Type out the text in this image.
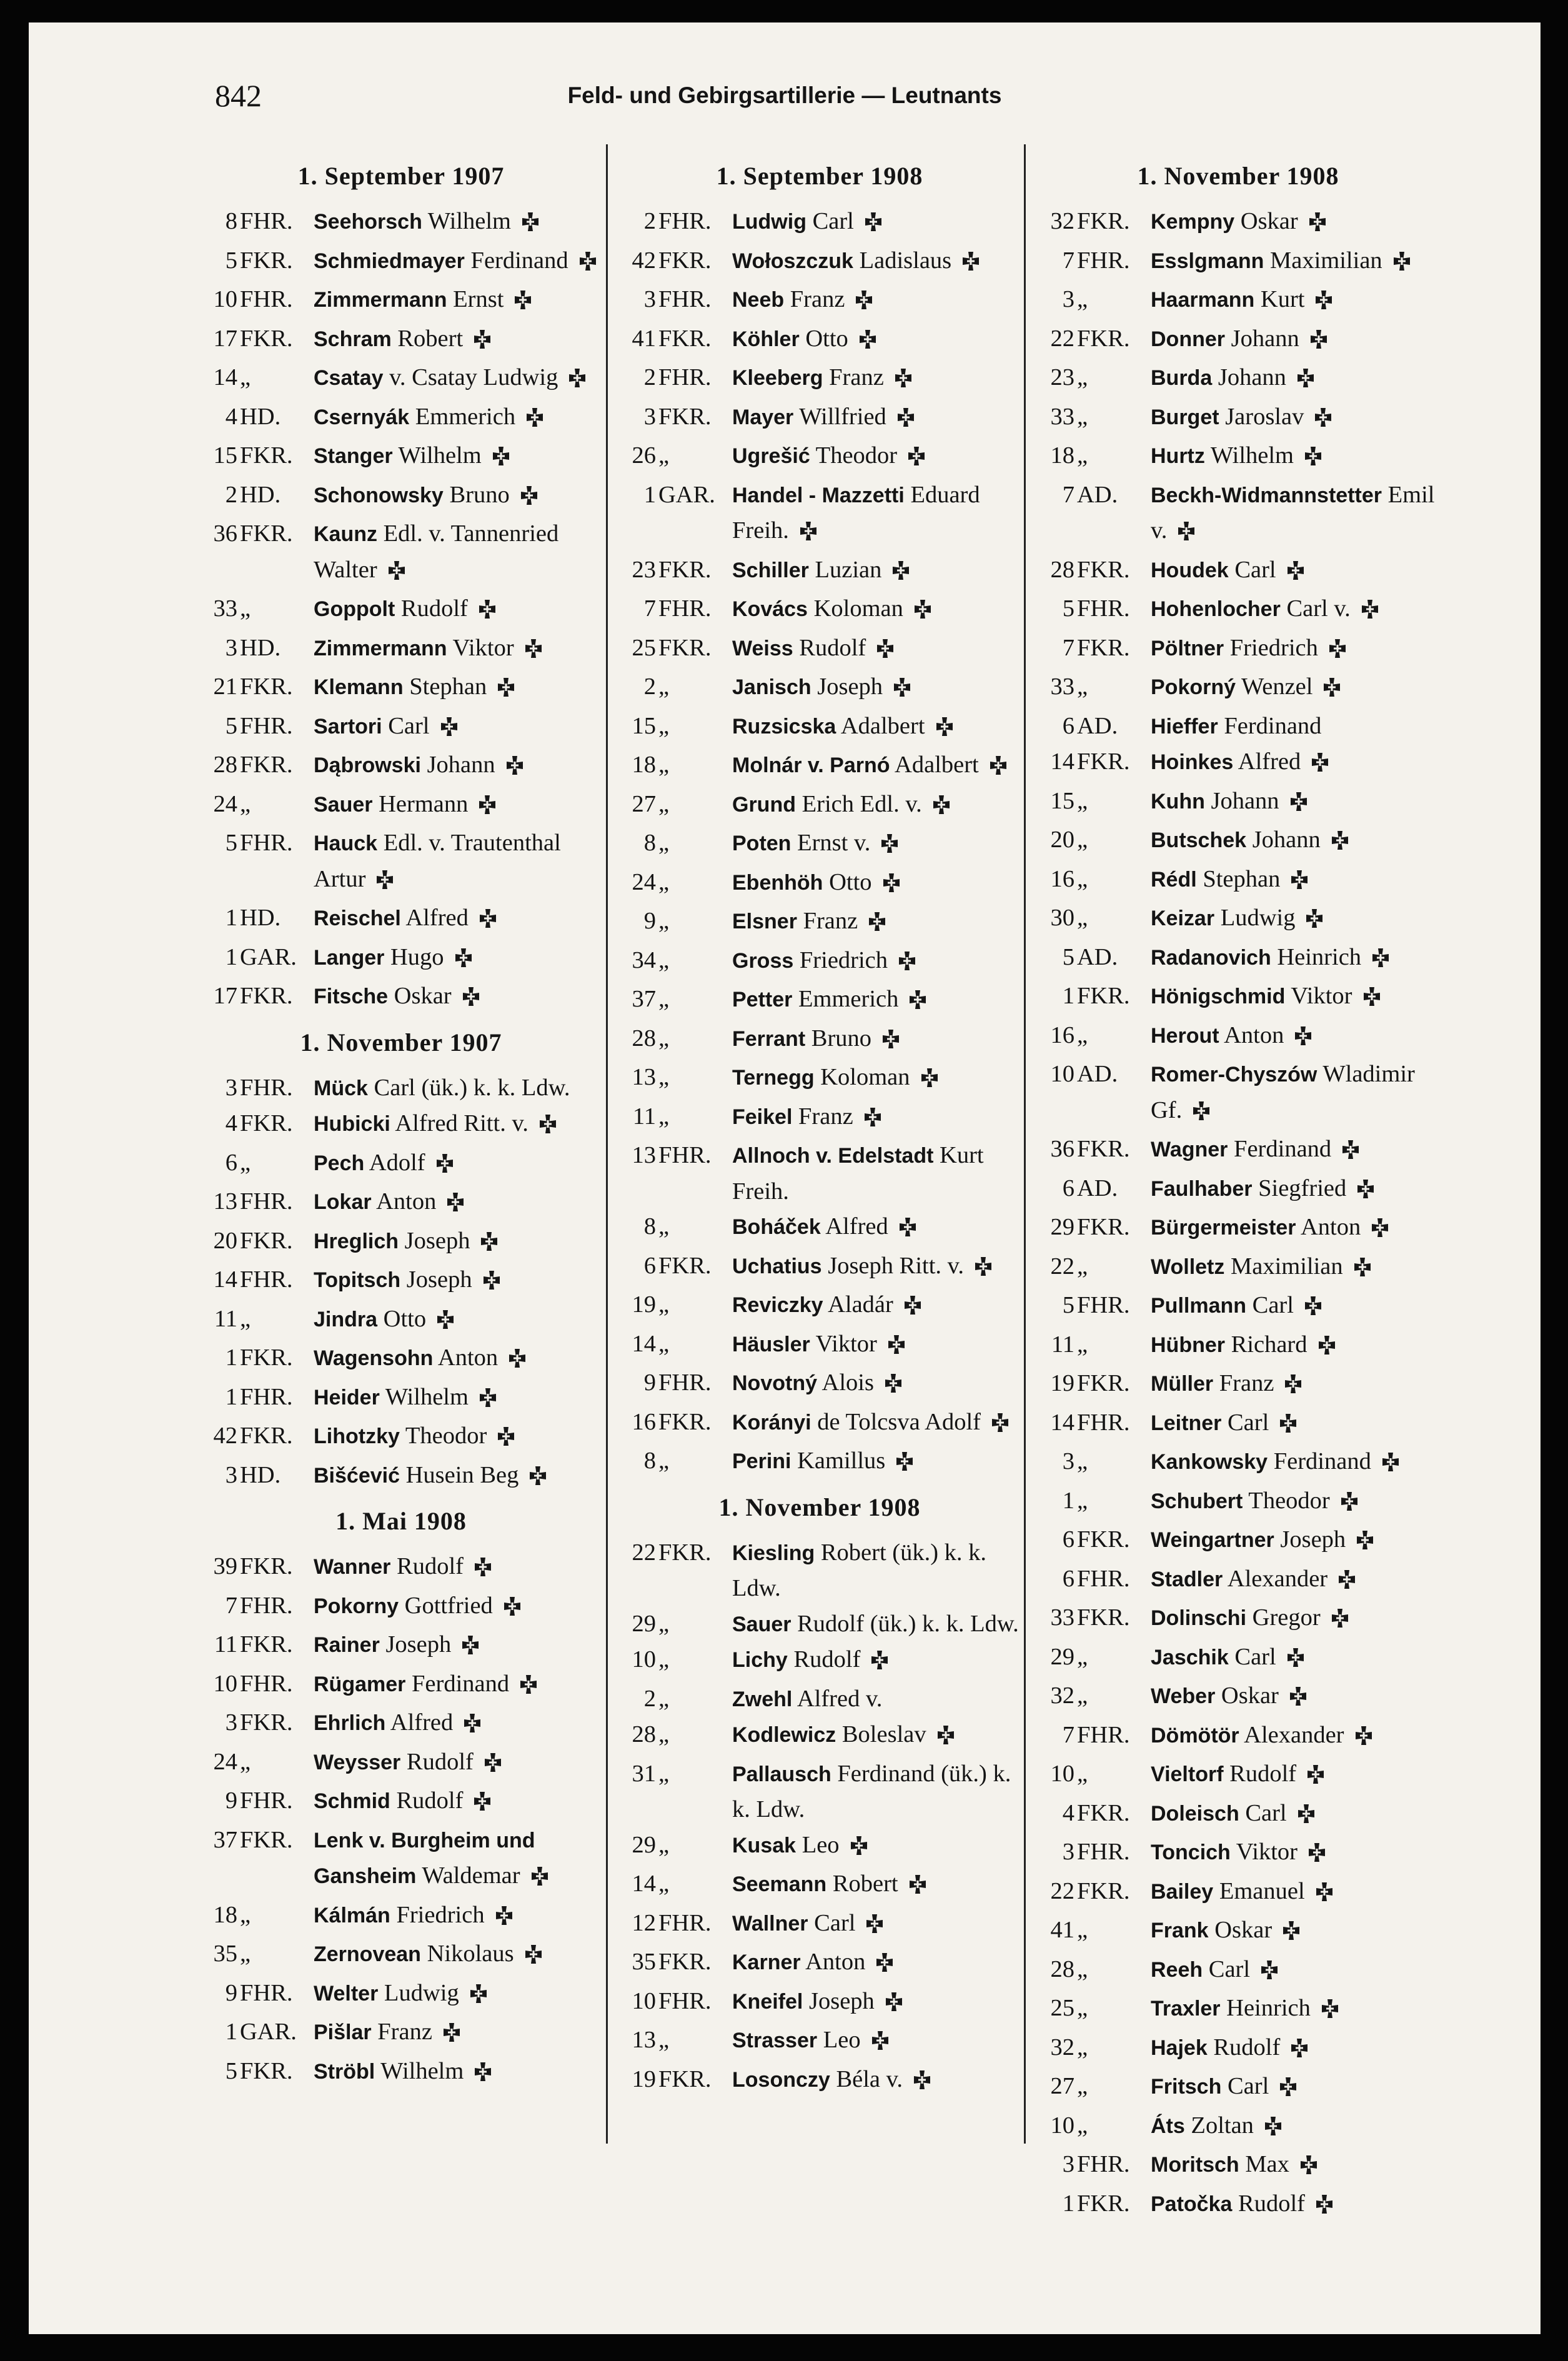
842	Feld- und Gebirgsartillerie — Leutnants
1. September 1907
8 FHR. Seehorsch Wilhelm
5 FKR. Schmiedmayer Ferdinand
10 FHR. Zimmermann Ernst
17 FKR. Schram Robert
14 „	Csatay v. Csatay Ludwig
4 HD.	Csernyák Emmerich
15 FKR. Stanger Wilhelm
2 HD.	Schonowsky Bruno
36 FKR. Kaunz Edl. v. Tannenried Walter
33 „	Goppolt Rudolf
3 HD.	Zimmermann Viktor
21 FKR. Klemann Stephan
5 FHR. Sartori Carl
28 FKR. Dąbrowski Johann
24 „	Sauer Hermann
5 FHR. Hauck Edl. v. Trautenthal Artur
1 HD.	Reischel Alfred
1 GAR. Langer Hugo
17 FKR. Fitsche Oskar
1. November 1907
3 FHR. Mück Carl (ük.) k. k. Ldw.
4 FKR. Hubicki Alfred Ritt. v.
6 „	Pech Adolf
13 FHR. Lokar Anton
20 FKR. Hreglich Joseph
14 FHR. Topitsch Joseph
11 „	Jindra Otto
1 FKR. Wagensohn Anton
1 FHR. Heider Wilhelm
42 FKR. Lihotzky Theodor
3 HD.	Bišćević Husein Beg
1. Mai 1908
39 FKR. Wanner Rudolf
7 FHR. Pokorny Gottfried
11 FKR. Rainer Joseph
10 FHR. Rügamer Ferdinand
3 FKR. Ehrlich Alfred
24 „	Weysser Rudolf
9 FHR. Schmid Rudolf
37 FKR. Lenk v. Burgheim und Gansheim Waldemar
18 „	Kálmán Friedrich
35 „	Zernovean Nikolaus
9 FHR. Welter Ludwig
1 GAR. Pišlar Franz
5 FKR. Ströbl Wilhelm
1. September 1908
2 FHR. Ludwig Carl
42 FKR. Wołoszczuk Ladislaus
3 FHR. Neeb Franz
41 FKR. Köhler Otto
2 FHR. Kleeberg Franz
3 FKR. Mayer Willfried
26 „	Ugrešić Theodor
1 GAR. Handel - Mazzetti Eduard Freih.
23 FKR. Schiller Luzian
7 FHR. Kovács Koloman
25 FKR. Weiss Rudolf
2 „	Janisch Joseph
15 „	Ruzsicska Adalbert
18 „	Molnár v. Parnó Adalbert
27 „	Grund Erich Edl. v.
8 „	Poten Ernst v.
24 „	Ebenhöh Otto
9 „	Elsner Franz
34 „	Gross Friedrich
37 „	Petter Emmerich
28 „	Ferrant Bruno
13 „	Ternegg Koloman
11 „	Feikel Franz
13 FHR. Allnoch v. Edelstadt Kurt Freih.
8 „	Boháček Alfred
6 FKR. Uchatius Joseph Ritt. v.
19 „	Reviczky Aladár
14 „	Häusler Viktor
9 FHR. Novotný Alois
16 FKR. Korányi de Tolcsva Adolf
8 „	Perini Kamillus
1. November 1908
22 FKR. Kiesling Robert (ük.) k. k. Ldw.
29 „	Sauer Rudolf (ük.) k. k. Ldw.
10 „	Lichy Rudolf
2 „	Zwehl Alfred v.
28 „	Kodlewicz Boleslav
31 „	Pallausch Ferdinand (ük.) k. k. Ldw.
29 „	Kusak Leo
14 „	Seemann Robert
12 FHR. Wallner Carl
35 FKR. Karner Anton
10 FHR. Kneifel Joseph
13 „	Strasser Leo
19 FKR. Losonczy Béla v.
1. November 1908
32 FKR. Kempny Oskar
7 FHR. Esslgmann Maximilian
3 „	Haarmann Kurt
22 FKR. Donner Johann
23 „	Burda Johann
33 „	Burget Jaroslav
18 „	Hurtz Wilhelm
7 AD.	Beckh-Widmannstetter Emil v.
28 FKR. Houdek Carl
5 FHR. Hohenlocher Carl v.
7 FKR. Pöltner Friedrich
33 „	Pokorný Wenzel
6 AD.	Hieffer Ferdinand
14 FKR. Hoinkes Alfred
15 „	Kuhn Johann
20 „	Butschek Johann
16 „	Rédl Stephan
30 „	Keizar Ludwig
5 AD.	Radanovich Heinrich
1 FKR. Hönigschmid Viktor
16 „	Herout Anton
10 AD.	Romer-Chyszów Wladimir Gf.
36 FKR. Wagner Ferdinand
6 AD.	Faulhaber Siegfried
29 FKR. Bürgermeister Anton
22 „	Wolletz Maximilian
5 FHR. Pullmann Carl
11 „	Hübner Richard
19 FKR. Müller Franz
14 FHR. Leitner Carl
3 „	Kankowsky Ferdinand
1 „	Schubert Theodor
6 FKR. Weingartner Joseph
6 FHR. Stadler Alexander
33 FKR. Dolinschi Gregor
29 „	Jaschik Carl
32 „	Weber Oskar
7 FHR. Dömötör Alexander
10 „	Vieltorf Rudolf
4 FKR. Doleisch Carl
3 FHR. Toncich Viktor
22 FKR. Bailey Emanuel
41 „	Frank Oskar
28 „	Reeh Carl
25 „	Traxler Heinrich
32 „	Hajek Rudolf
27 „	Fritsch Carl
10 „	Áts Zoltan
3 FHR. Moritsch Max
1 FKR. Patočka Rudolf
